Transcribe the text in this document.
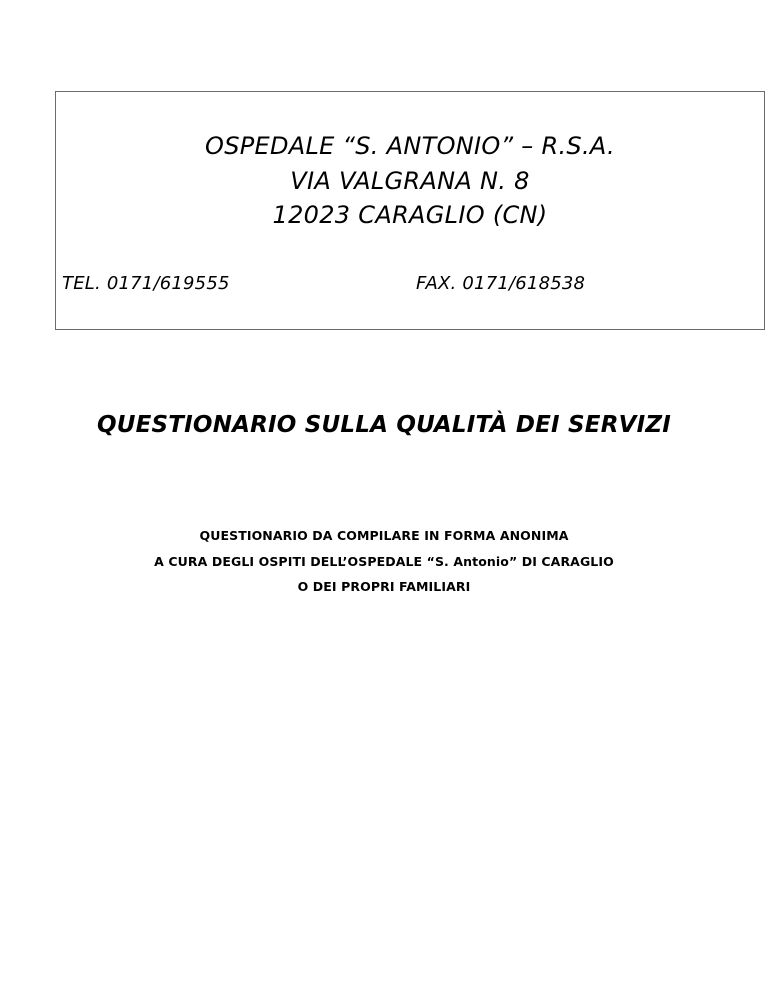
OSPEDALE “S. ANTONIO” – R.S.A.
VIA VALGRANA N. 8
12023 CARAGLIO (CN)
TEL. 0171/619555	FAX. 0171/618538
QUESTIONARIO SULLA QUALITÀ DEI SERVIZI
QUESTIONARIO DA COMPILARE IN FORMA ANONIMA
A CURA DEGLI OSPITI DELL’OSPEDALE “S. Antonio” DI CARAGLIO
O DEI PROPRI FAMILIARI
